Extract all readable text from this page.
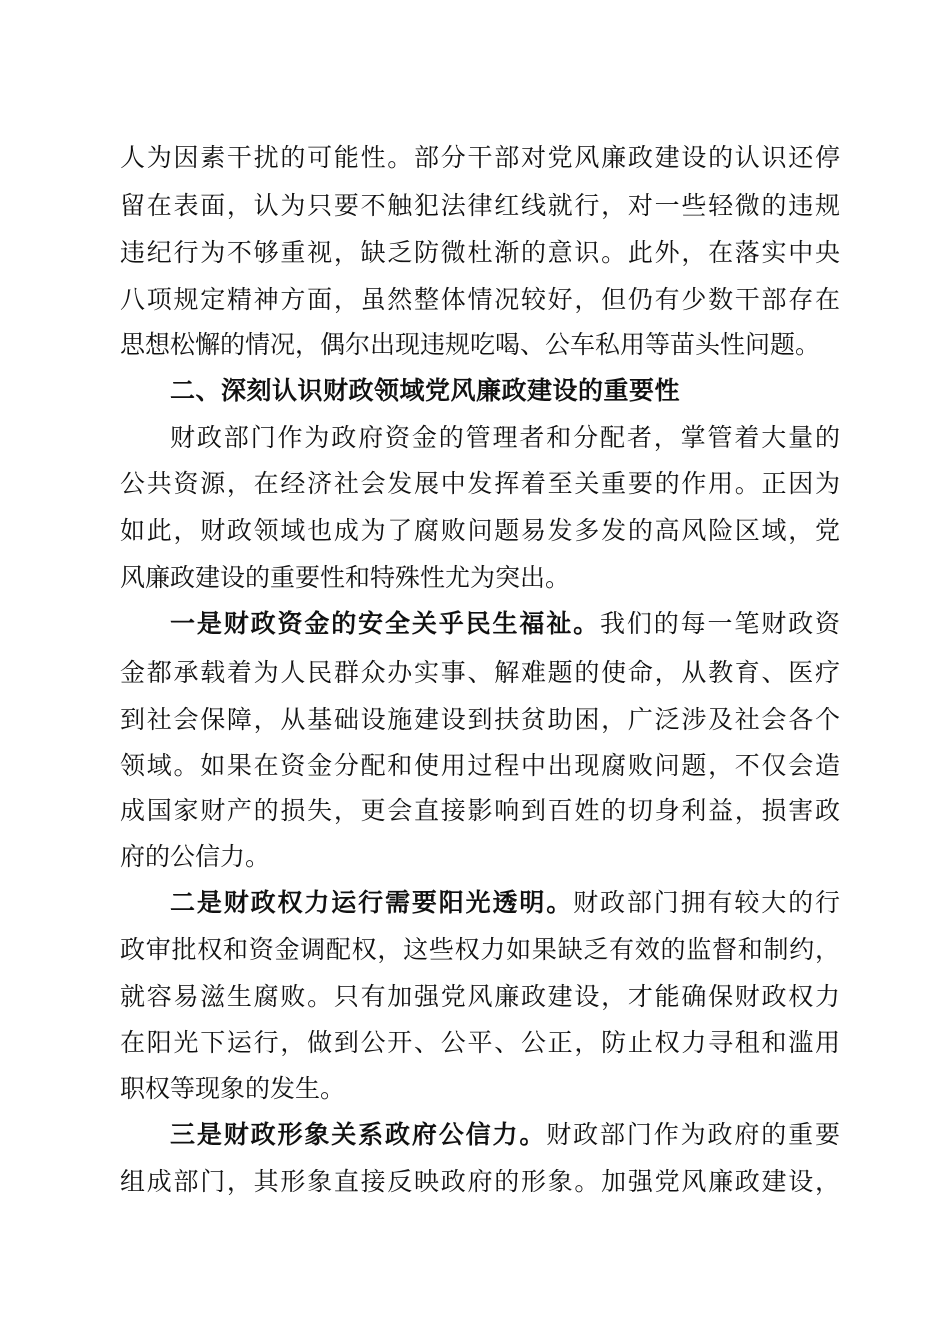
人为因素干扰的可能性。部分干部对党风廉政建设的认识还停
留在表面，认为只要不触犯法律红线就行，对一些轻微的违规
违纪行为不够重视，缺乏防微杜渐的意识。此外，在落实中央
八项规定精神方面，虽然整体情况较好，但仍有少数干部存在
思想松懈的情况，偶尔出现违规吃喝、公车私用等苗头性问题。
二、深刻认识财政领域党风廉政建设的重要性
财政部门作为政府资金的管理者和分配者，掌管着大量的
公共资源，在经济社会发展中发挥着至关重要的作用。正因为
如此，财政领域也成为了腐败问题易发多发的高风险区域，党
风廉政建设的重要性和特殊性尤为突出。
一是财政资金的安全关乎民生福祉。我们的每一笔财政资
金都承载着为人民群众办实事、解难题的使命，从教育、医疗
到社会保障，从基础设施建设到扶贫助困，广泛涉及社会各个
领域。如果在资金分配和使用过程中出现腐败问题，不仅会造
成国家财产的损失，更会直接影响到百姓的切身利益，损害政
府的公信力。
二是财政权力运行需要阳光透明。财政部门拥有较大的行
政审批权和资金调配权，这些权力如果缺乏有效的监督和制约，
就容易滋生腐败。只有加强党风廉政建设，才能确保财政权力
在阳光下运行，做到公开、公平、公正，防止权力寻租和滥用
职权等现象的发生。
三是财政形象关系政府公信力。财政部门作为政府的重要
组成部门，其形象直接反映政府的形象。加强党风廉政建设，
